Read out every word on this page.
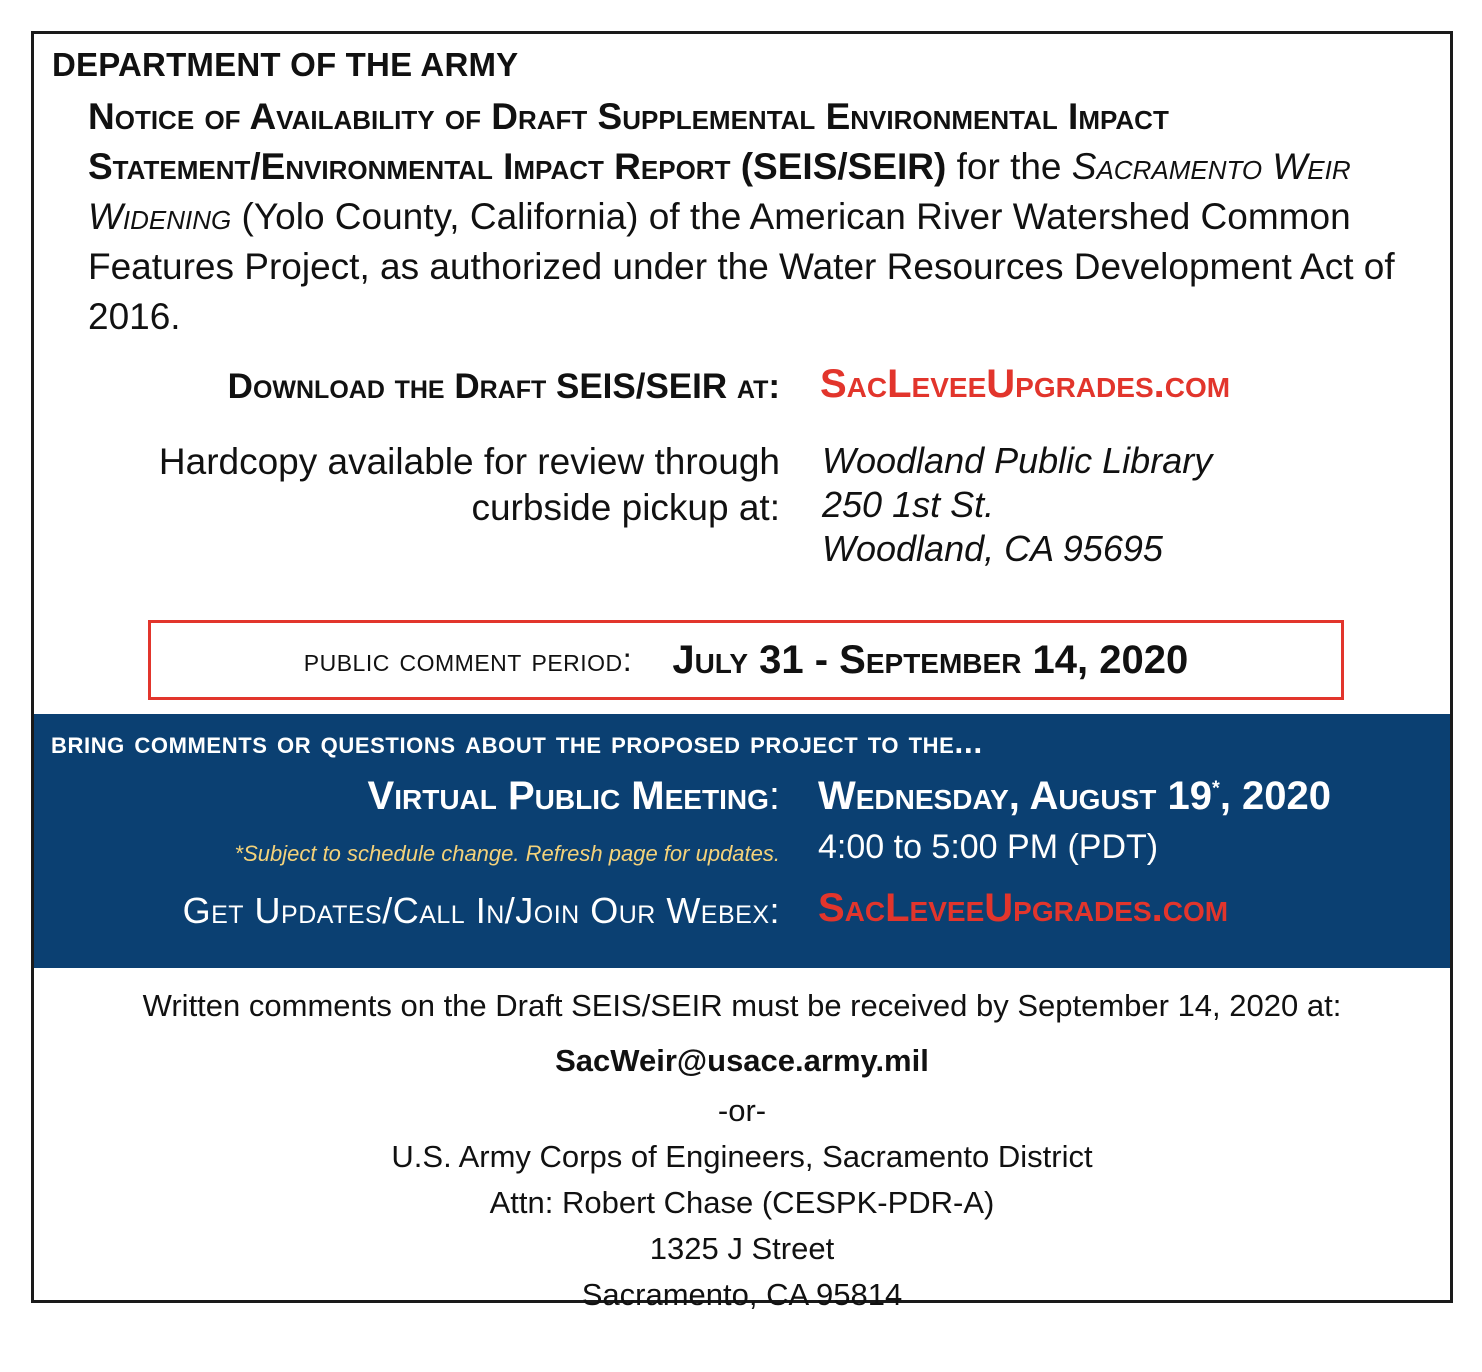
DEPARTMENT OF THE ARMY
Notice of Availability of Draft Supplemental Environmental Impact Statement/Environmental Impact Report (SEIS/SEIR) for the Sacramento Weir Widening (Yolo County, California) of the American River Watershed Common Features Project, as authorized under the Water Resources Development Act of 2016.
Download the Draft SEIS/SEIR at: SacLeveeUpgrades.com
Hardcopy available for review through
curbside pickup at:
Woodland Public Library
250 1st St.
Woodland, CA 95695
public comment period: July 31 - September 14, 2020
bring comments or questions about the proposed project to the...
Virtual Public Meeting:
*Subject to schedule change. Refresh page for updates.
Wednesday, August 19*, 2020
4:00 to 5:00 PM (PDT)
Get Updates/Call In/Join Our Webex: SacLeveeUpgrades.com
Written comments on the Draft SEIS/SEIR must be received by September 14, 2020 at:
SacWeir@usace.army.mil
-or-
U.S. Army Corps of Engineers, Sacramento District
Attn: Robert Chase (CESPK-PDR-A)
1325 J Street
Sacramento, CA 95814
